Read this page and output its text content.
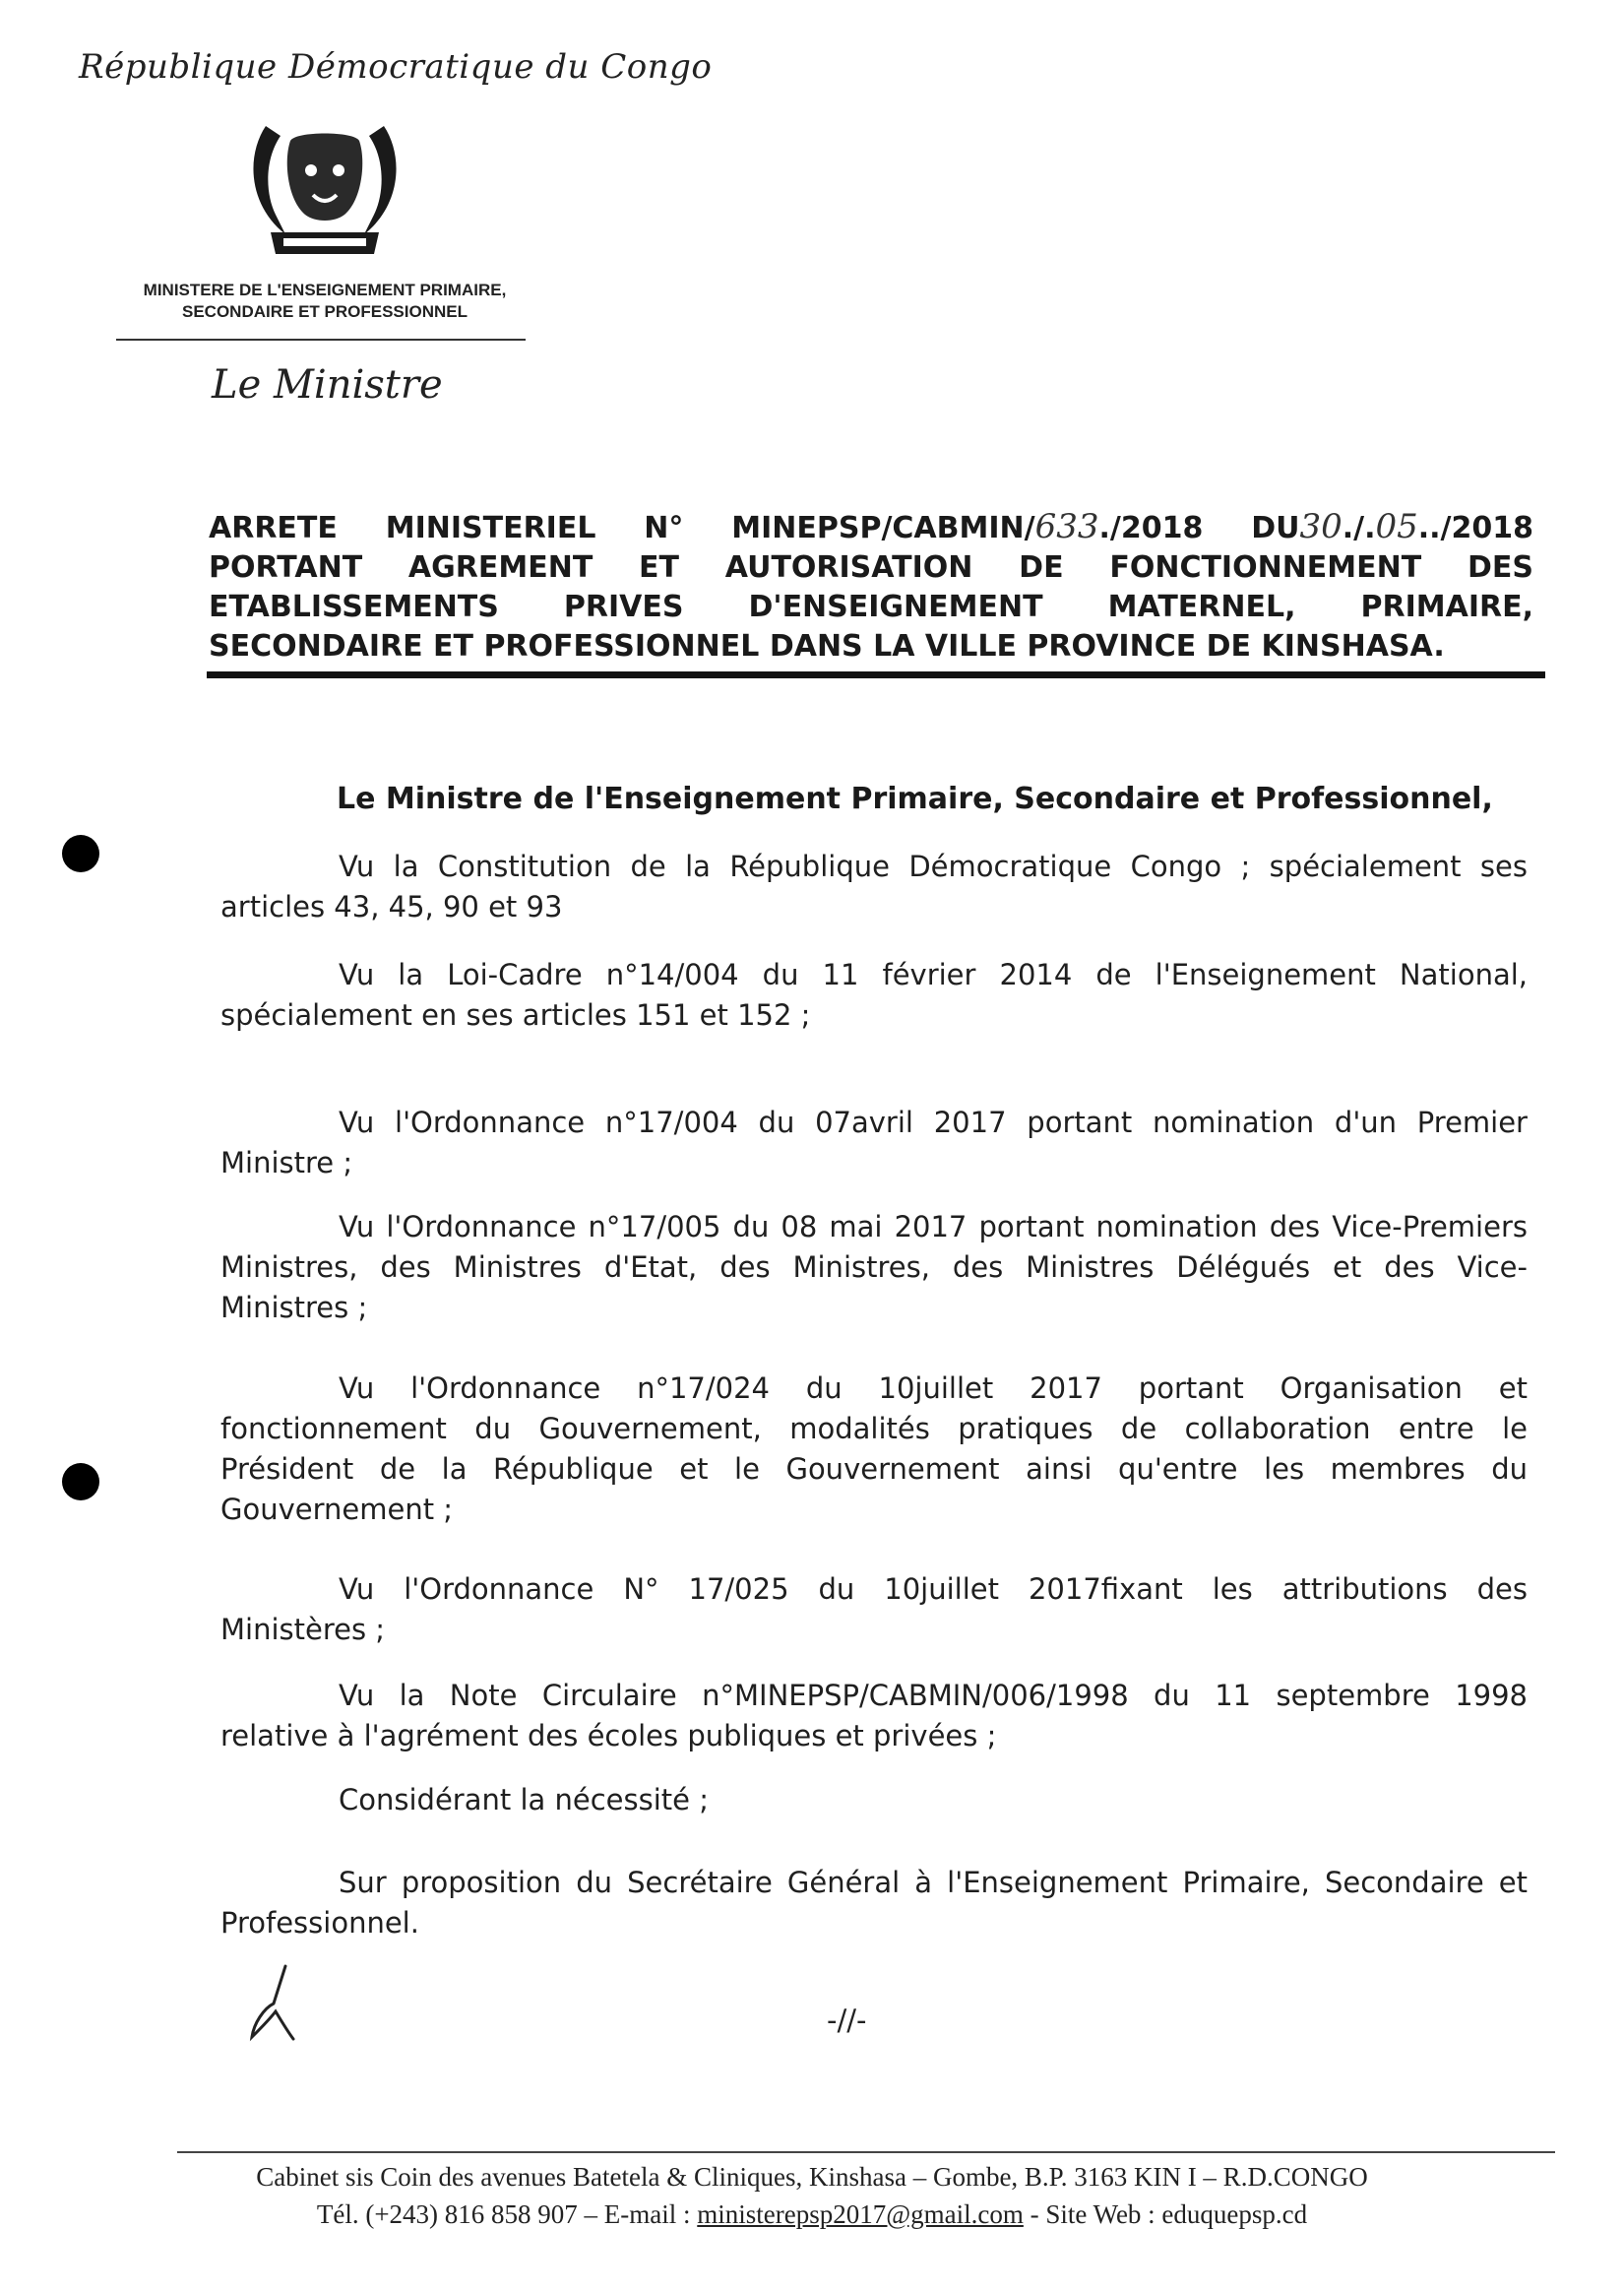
République Démocratique du Congo
MINISTERE DE L'ENSEIGNEMENT PRIMAIRE,
SECONDAIRE ET PROFESSIONNEL
Le Ministre
ARRETE MINISTERIEL N° MINEPSP/CABMIN/633./2018 DU30./.05../2018
PORTANT AGREMENT ET AUTORISATION DE FONCTIONNEMENT DES
ETABLISSEMENTS PRIVES D'ENSEIGNEMENT MATERNEL, PRIMAIRE,
SECONDAIRE ET PROFESSIONNEL DANS LA VILLE PROVINCE DE KINSHASA.
Le Ministre de l'Enseignement Primaire, Secondaire et Professionnel,
Vu la Constitution de la République Démocratique Congo ; spécialement ses
articles 43, 45, 90 et 93
Vu la Loi-Cadre n°14/004 du 11 février 2014 de l'Enseignement National,
spécialement en ses articles 151 et 152 ;
Vu l'Ordonnance n°17/004 du 07avril 2017 portant nomination d'un Premier
Ministre ;
Vu l'Ordonnance n°17/005 du 08 mai 2017 portant nomination des Vice-Premiers
Ministres, des Ministres d'Etat, des Ministres, des Ministres Délégués et des Vice-
Ministres ;
Vu l'Ordonnance n°17/024 du 10juillet 2017 portant Organisation et
fonctionnement du Gouvernement, modalités pratiques de collaboration entre le
Président de la République et le Gouvernement ainsi qu'entre les membres du
Gouvernement ;
Vu l'Ordonnance N° 17/025 du 10juillet 2017fixant les attributions des
Ministères ;
Vu la Note Circulaire n°MINEPSP/CABMIN/006/1998 du 11 septembre 1998
relative à l'agrément des écoles publiques et privées ;
Considérant la nécessité ;
Sur proposition du Secrétaire Général à l'Enseignement Primaire, Secondaire et
Professionnel.
-//-
Cabinet sis Coin des avenues Batetela & Cliniques, Kinshasa – Gombe, B.P. 3163 KIN I – R.D.CONGO
Tél. (+243) 816 858 907 – E-mail : ministerepsp2017@gmail.com - Site Web : eduquepsp.cd
